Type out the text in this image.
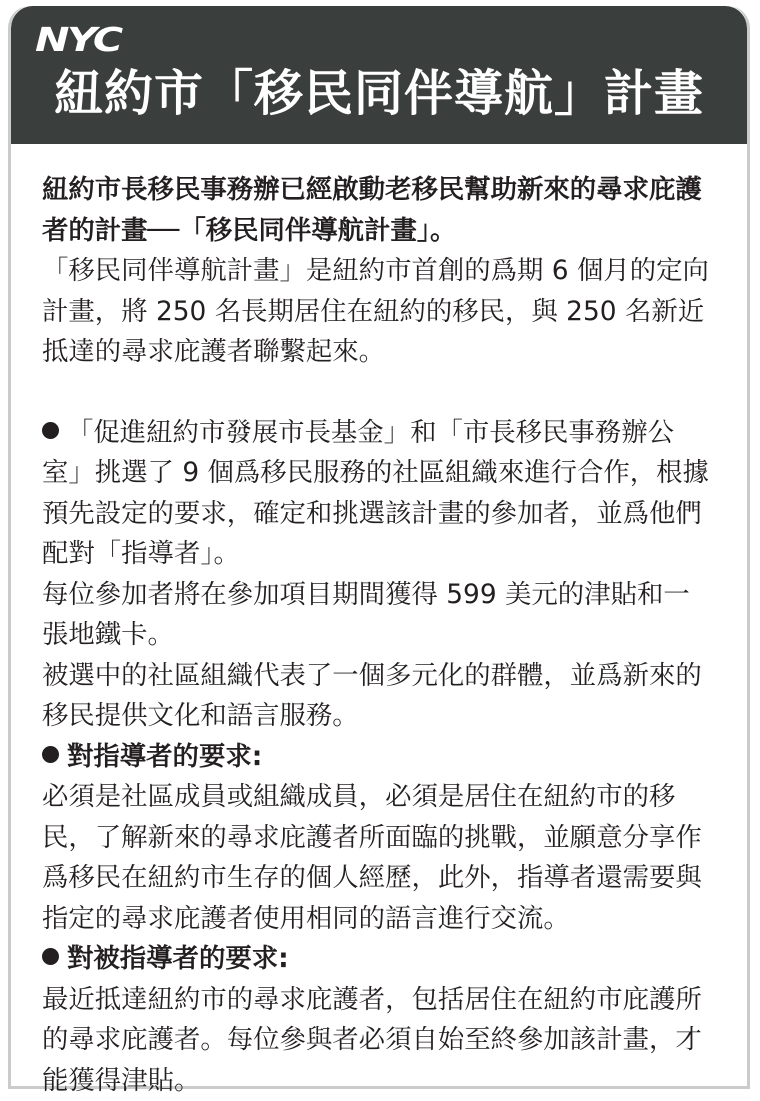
NYC
紐約市「移民同伴導航」計畫

紐約市長移民事務辦已經啟動老移民幫助新來的尋求庇護者的計畫──「移民同伴導航計畫」。

「移民同伴導航計畫」是紐約市首創的爲期 6 個月的定向計畫，將 250 名長期居住在紐約的移民，與 250 名新近抵達的尋求庇護者聯繫起來。

「促進紐約市發展市長基金」和「市長移民事務辦公室」挑選了 9 個爲移民服務的社區組織來進行合作，根據預先設定的要求，確定和挑選該計畫的參加者，並爲他們配對「指導者」。

每位參加者將在參加項目期間獲得 599 美元的津貼和一張地鐵卡。

被選中的社區組織代表了一個多元化的群體，並爲新來的移民提供文化和語言服務。

對指導者的要求:

必須是社區成員或組織成員，必須是居住在紐約市的移民，了解新來的尋求庇護者所面臨的挑戰，並願意分享作爲移民在紐約市生存的個人經歷，此外，指導者還需要與指定的尋求庇護者使用相同的語言進行交流。

對被指導者的要求:

最近抵達紐約市的尋求庇護者，包括居住在紐約市庇護所的尋求庇護者。每位參與者必須自始至終參加該計畫，才能獲得津貼。
